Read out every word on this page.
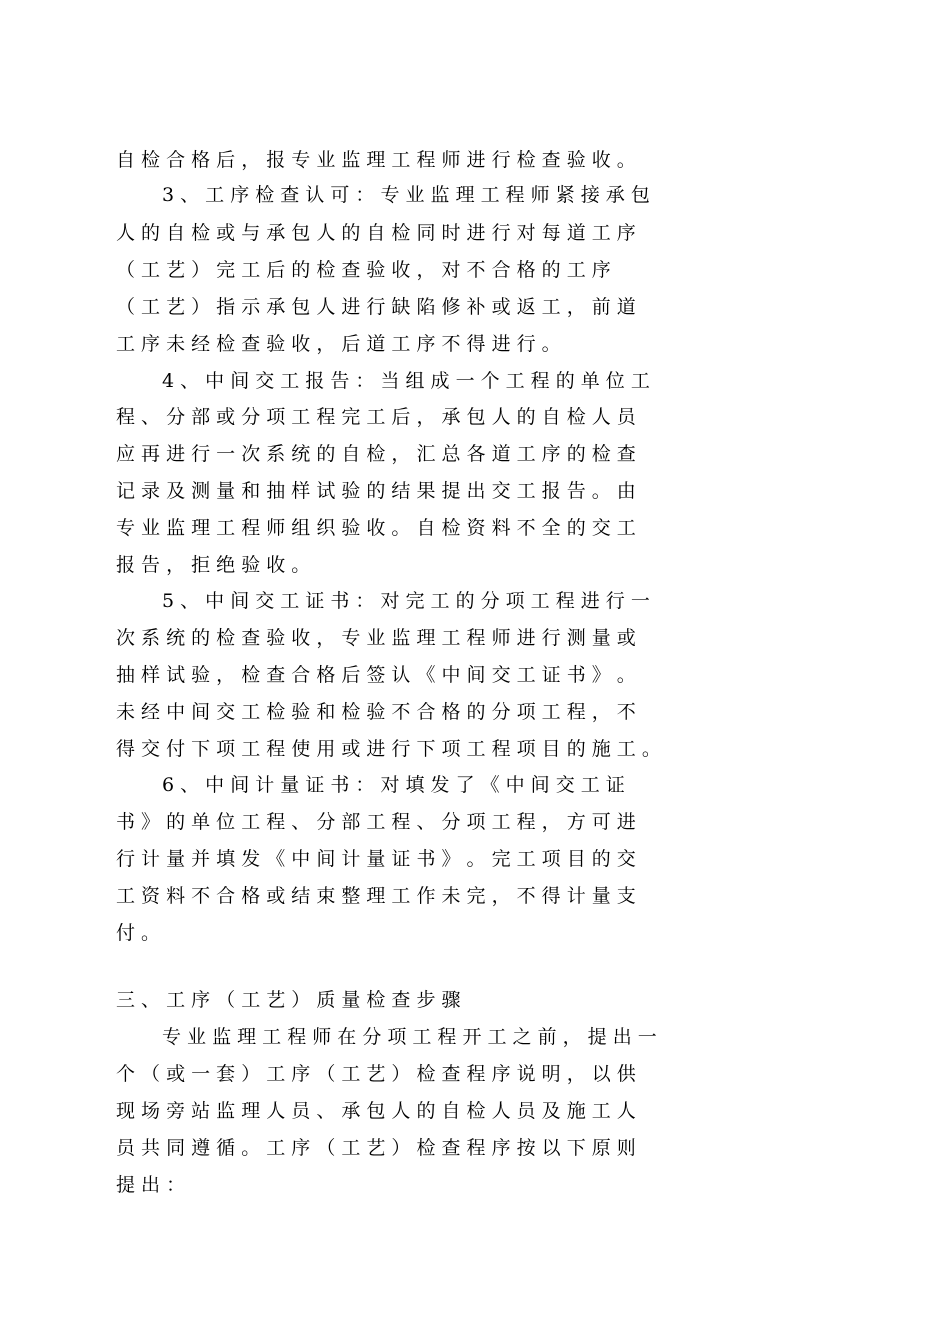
自 检 合 格 后 ， 报 专 业 监 理 工 程 师 进 行 检 查 验 收 。
3 、 工 序 检 查 认 可 ： 专 业 监 理 工 程 师 紧 接 承 包
人 的 自 检 或 与 承 包 人 的 自 检 同 时 进 行 对 每 道 工 序
（ 工 艺 ） 完 工 后 的 检 查 验 收 ， 对 不 合 格 的 工 序
（ 工 艺 ） 指 示 承 包 人 进 行 缺 陷 修 补 或 返 工 ， 前 道
工 序 未 经 检 查 验 收 ， 后 道 工 序 不 得 进 行 。
4 、 中 间 交 工 报 告 ： 当 组 成 一 个 工 程 的 单 位 工
程 、 分 部 或 分 项 工 程 完 工 后 ， 承 包 人 的 自 检 人 员
应 再 进 行 一 次 系 统 的 自 检 ， 汇 总 各 道 工 序 的 检 查
记 录 及 测 量 和 抽 样 试 验 的 结 果 提 出 交 工 报 告 。 由
专 业 监 理 工 程 师 组 织 验 收 。 自 检 资 料 不 全 的 交 工
报 告 ， 拒 绝 验 收 。
5 、 中 间 交 工 证 书 ： 对 完 工 的 分 项 工 程 进 行 一
次 系 统 的 检 查 验 收 ， 专 业 监 理 工 程 师 进 行 测 量 或
抽 样 试 验 ， 检 查 合 格 后 签 认 《 中 间 交 工 证 书 》 。
未 经 中 间 交 工 检 验 和 检 验 不 合 格 的 分 项 工 程 ， 不
得 交 付 下 项 工 程 使 用 或 进 行 下 项 工 程 项 目 的 施 工 。
6 、 中 间 计 量 证 书 ： 对 填 发 了 《 中 间 交 工 证
书 》 的 单 位 工 程 、 分 部 工 程 、 分 项 工 程 ， 方 可 进
行 计 量 并 填 发 《 中 间 计 量 证 书 》 。 完 工 项 目 的 交
工 资 料 不 合 格 或 结 束 整 理 工 作 未 完 ， 不 得 计 量 支
付 。
三 、 工 序 （ 工 艺 ） 质 量 检 查 步 骤
专 业 监 理 工 程 师 在 分 项 工 程 开 工 之 前 ， 提 出 一
个 （ 或 一 套 ） 工 序 （ 工 艺 ） 检 查 程 序 说 明 ， 以 供
现 场 旁 站 监 理 人 员 、 承 包 人 的 自 检 人 员 及 施 工 人
员 共 同 遵 循 。 工 序 （ 工 艺 ） 检 查 程 序 按 以 下 原 则
提 出 ：
